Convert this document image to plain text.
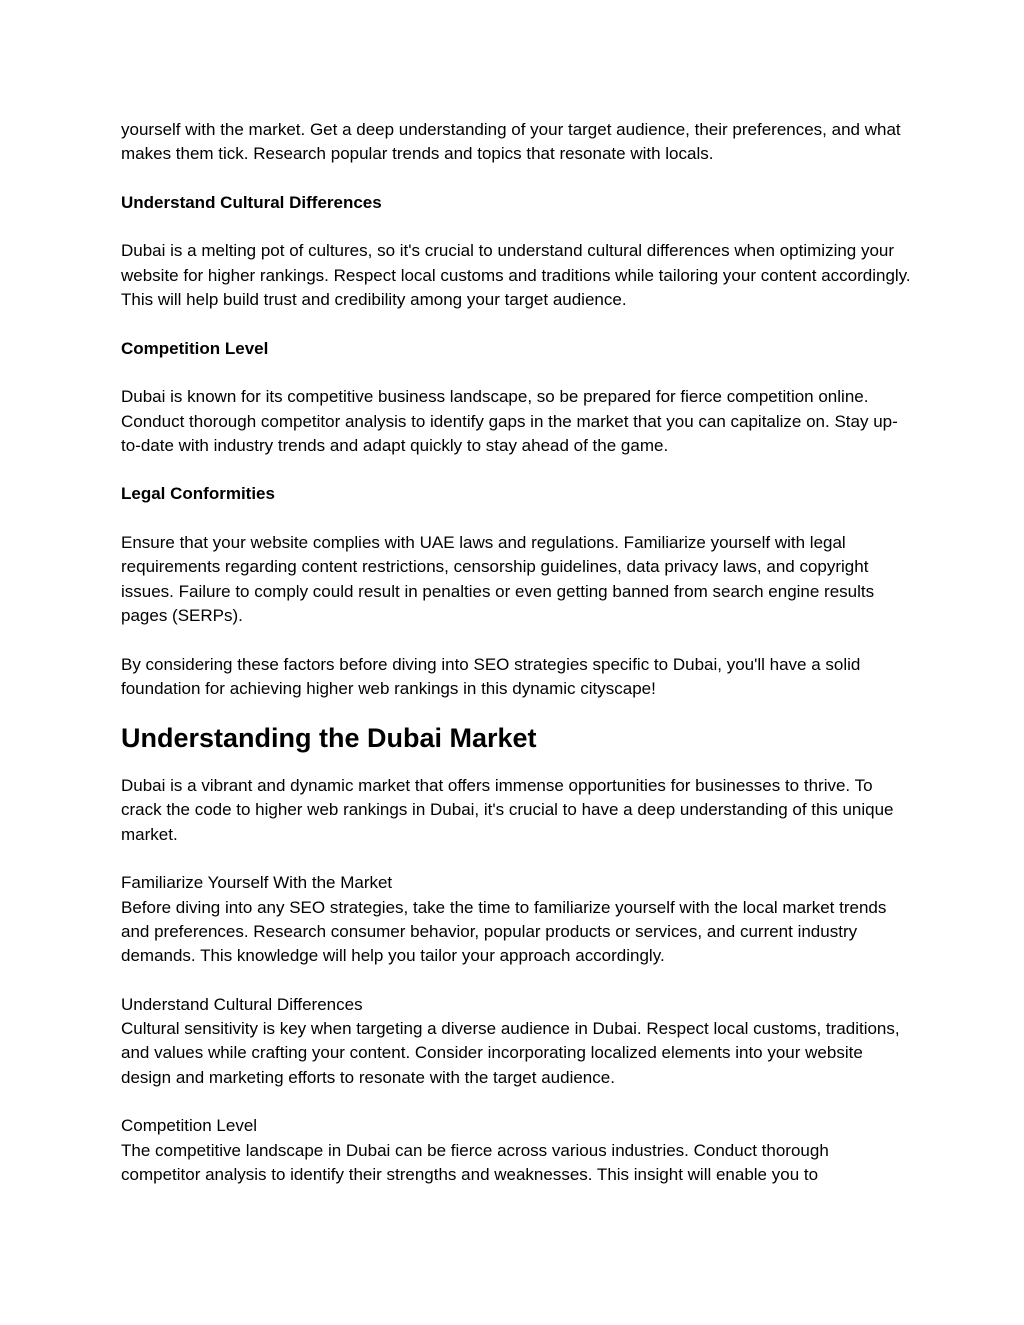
yourself with the market. Get a deep understanding of your target audience, their preferences, and what makes them tick. Research popular trends and topics that resonate with locals.

Understand Cultural Differences

Dubai is a melting pot of cultures, so it's crucial to understand cultural differences when optimizing your website for higher rankings. Respect local customs and traditions while tailoring your content accordingly. This will help build trust and credibility among your target audience.

Competition Level

Dubai is known for its competitive business landscape, so be prepared for fierce competition online. Conduct thorough competitor analysis to identify gaps in the market that you can capitalize on. Stay up-to-date with industry trends and adapt quickly to stay ahead of the game.

Legal Conformities

Ensure that your website complies with UAE laws and regulations. Familiarize yourself with legal requirements regarding content restrictions, censorship guidelines, data privacy laws, and copyright issues. Failure to comply could result in penalties or even getting banned from search engine results pages (SERPs).

By considering these factors before diving into SEO strategies specific to Dubai, you'll have a solid foundation for achieving higher web rankings in this dynamic cityscape!

Understanding the Dubai Market

Dubai is a vibrant and dynamic market that offers immense opportunities for businesses to thrive. To crack the code to higher web rankings in Dubai, it's crucial to have a deep understanding of this unique market.

Familiarize Yourself With the Market

Before diving into any SEO strategies, take the time to familiarize yourself with the local market trends and preferences. Research consumer behavior, popular products or services, and current industry demands. This knowledge will help you tailor your approach accordingly.

Understand Cultural Differences

Cultural sensitivity is key when targeting a diverse audience in Dubai. Respect local customs, traditions, and values while crafting your content. Consider incorporating localized elements into your website design and marketing efforts to resonate with the target audience.

Competition Level

The competitive landscape in Dubai can be fierce across various industries. Conduct thorough competitor analysis to identify their strengths and weaknesses. This insight will enable you to
